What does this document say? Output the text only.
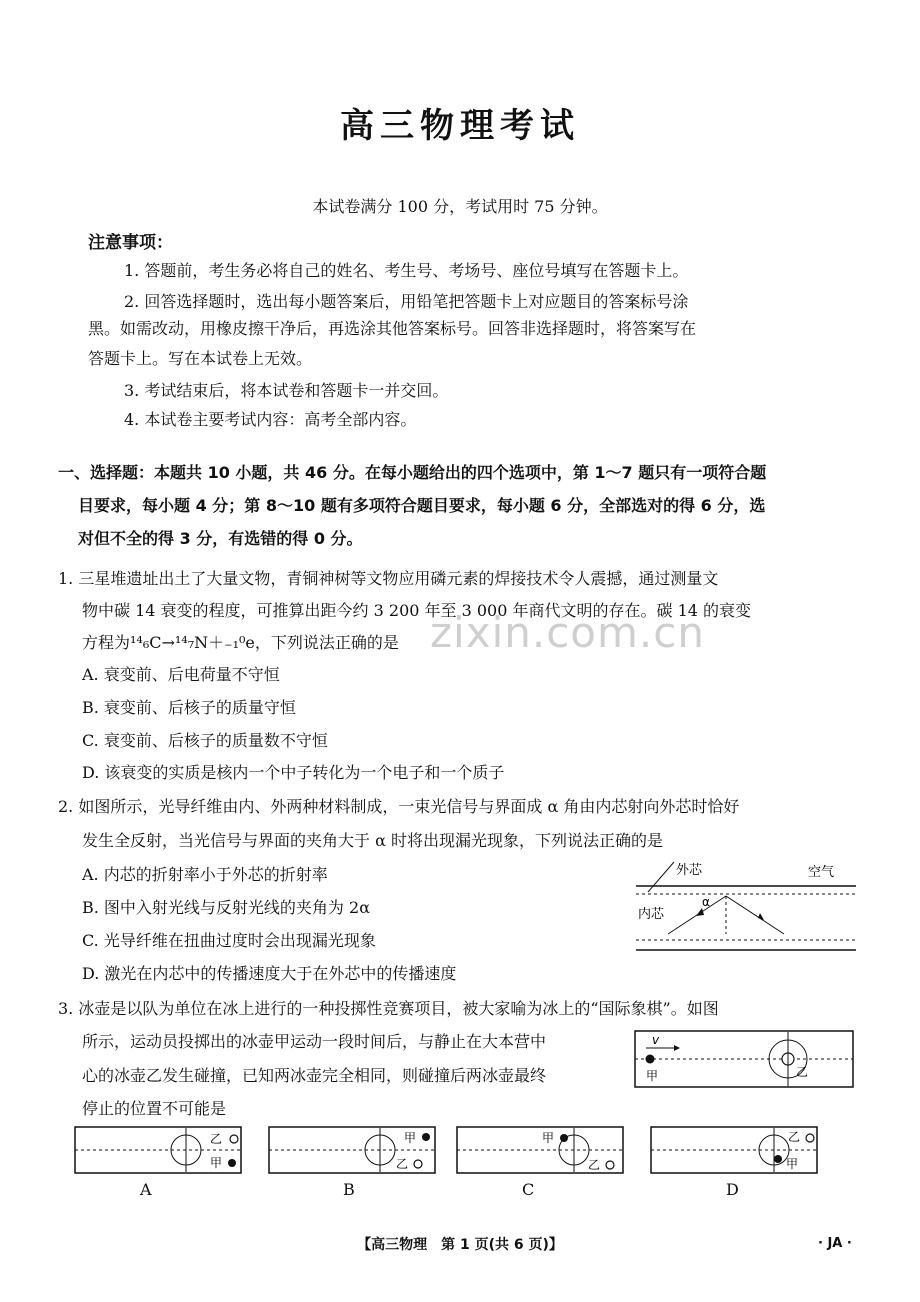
高三物理考试
本试卷满分 100 分，考试用时 75 分钟。
注意事项：
1. 答题前，考生务必将自己的姓名、考生号、考场号、座位号填写在答题卡上。
2. 回答选择题时，选出每小题答案后，用铅笔把答题卡上对应题目的答案标号涂
黑。如需改动，用橡皮擦干净后，再选涂其他答案标号。回答非选择题时，将答案写在
答题卡上。写在本试卷上无效。
3. 考试结束后，将本试卷和答题卡一并交回。
4. 本试卷主要考试内容：高考全部内容。
一、选择题：本题共 10 小题，共 46 分。在每小题给出的四个选项中，第 1～7 题只有一项符合题
目要求，每小题 4 分；第 8～10 题有多项符合题目要求，每小题 6 分，全部选对的得 6 分，选
对但不全的得 3 分，有选错的得 0 分。
1. 三星堆遗址出土了大量文物，青铜神树等文物应用磷元素的焊接技术令人震撼，通过测量文
物中碳 14 衰变的程度，可推算出距今约 3 200 年至 3 000 年商代文明的存在。碳 14 的衰变
方程为¹⁴₆C→¹⁴₇N＋₋₁⁰e，下列说法正确的是
A. 衰变前、后电荷量不守恒
B. 衰变前、后核子的质量守恒
C. 衰变前、后核子的质量数不守恒
D. 该衰变的实质是核内一个中子转化为一个电子和一个质子
zixin.com.cn
2. 如图所示，光导纤维由内、外两种材料制成，一束光信号与界面成 α 角由内芯射向外芯时恰好
发生全反射，当光信号与界面的夹角大于 α 时将出现漏光现象，下列说法正确的是
A. 内芯的折射率小于外芯的折射率
B. 图中入射光线与反射光线的夹角为 2α
C. 光导纤维在扭曲过度时会出现漏光现象
D. 激光在内芯中的传播速度大于在外芯中的传播速度
外芯	空气
内芯
α
3. 冰壶是以队为单位在冰上进行的一种投掷性竞赛项目，被大家喻为冰上的“国际象棋”。如图
所示，运动员投掷出的冰壶甲运动一段时间后，与静止在大本营中
心的冰壶乙发生碰撞，已知两冰壶完全相同，则碰撞后两冰壶最终
停止的位置不可能是
v
甲	乙
乙
甲
A
甲
乙
B
甲
乙
C
乙
甲
D
【高三物理　第 1 页(共 6 页)】	· JA ·
